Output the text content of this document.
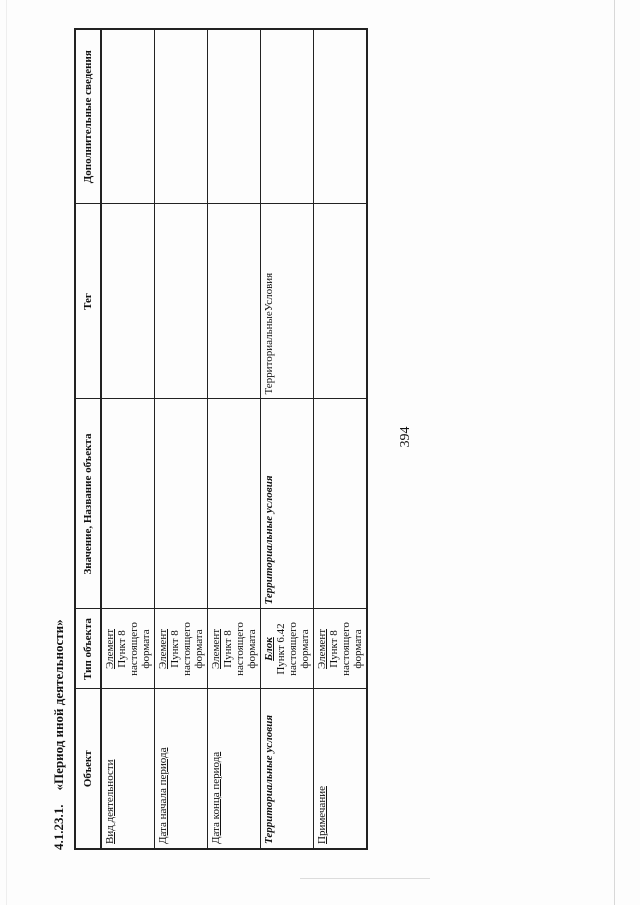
394
4.1.23.1.«Период иной деятельности»	Объект	Тип объекта	Значение, Название объекта	Тег	Дополнительные сведения
Вид деятельности	Элемент Пункт 8 настоящего формата			

Дата начала периода	Элемент Пункт 8 настоящего формата			

Дата конца периода	Элемент Пункт 8 настоящего формата			

Территориальные условия	Блок Пункт 6.42 настоящего формата	Территориальные условия	ТерриториальныеУсловия	
Примечание	Элемент Пункт 8 настоящего формата			
